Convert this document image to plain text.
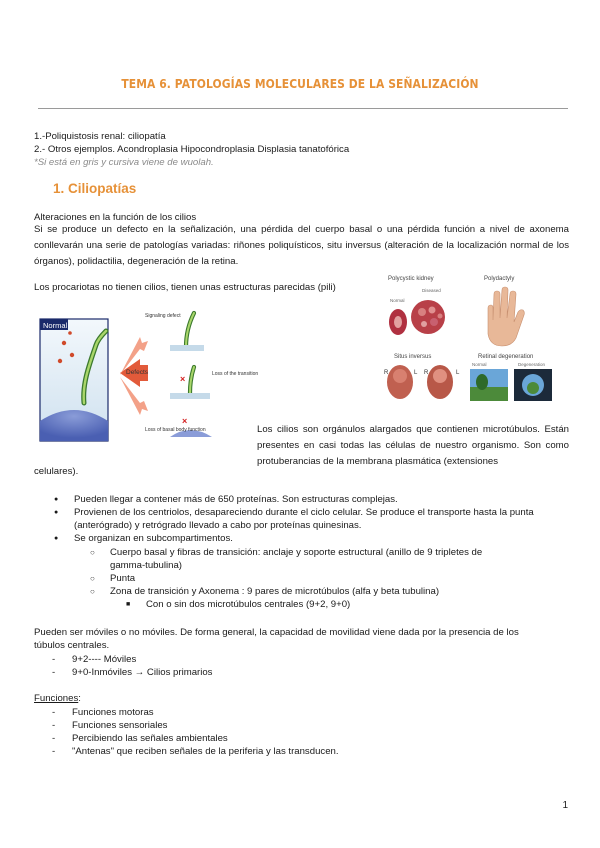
TEMA 6. PATOLOGÍAS MOLECULARES DE LA SEÑALIZACIÓN
1.-Poliquistosis renal: ciliopatía
2.- Otros ejemplos. Acondroplasia Hipocondroplasia Displasia tanatofórica
*Si está en gris y cursiva viene de wuolah.
1. Ciliopatías
Alteraciones en la función de los cilios
Si se produce un defecto en la señalización, una pérdida del cuerpo basal o una pérdida función a nivel de axonema conllevarán una serie de patologías variadas: riñones poliquísticos, situ inversus (alteración de la localización normal de los órganos), polidactilia, degeneración de la retina.
Los procariotas no tienen cilios, tienen unas estructuras parecidas (pili)
Normal
Defects
Signaling defect
×	Loss of the transition
×
Loss of basal body function
Polycystic kidney	Polydactyly
Normal
Diseased
Situs inversus	Retinal degeneration
R	L R	L
Normal	Degeneration
Los cilios son orgánulos alargados que contienen microtúbulos. Están presentes en casi todas las células de nuestro organismo. Son como protuberancias de la membrana plasmática (extensiones
celulares).
● Pueden llegar a contener más de 650 proteínas. Son estructuras complejas.
● Provienen de los centriolos, desapareciendo durante el ciclo celular. Se produce el transporte hasta la punta
(anterógrado) y retrógrado llevado a cabo por proteínas quinesinas.
● Se organizan en subcompartimentos.
○ Cuerpo basal y fibras de transición: anclaje y soporte estructural (anillo de 9 tripletes de
gamma-tubulina)
○ Punta
○ Zona de transición y Axonema : 9 pares de microtúbulos (alfa y beta tubulina)
■ Con o sin dos microtúbulos centrales (9+2, 9+0)
Pueden ser móviles o no móviles. De forma general, la capacidad de movilidad viene dada por la presencia de los
túbulos centrales.
- 9+2---- Móviles
- 9+0-Inmóviles → Cilios primarios
Funciones:
- Funciones motoras
- Funciones sensoriales
- Percibiendo las señales ambientales
- "Antenas" que reciben señales de la periferia y las transducen.
1
